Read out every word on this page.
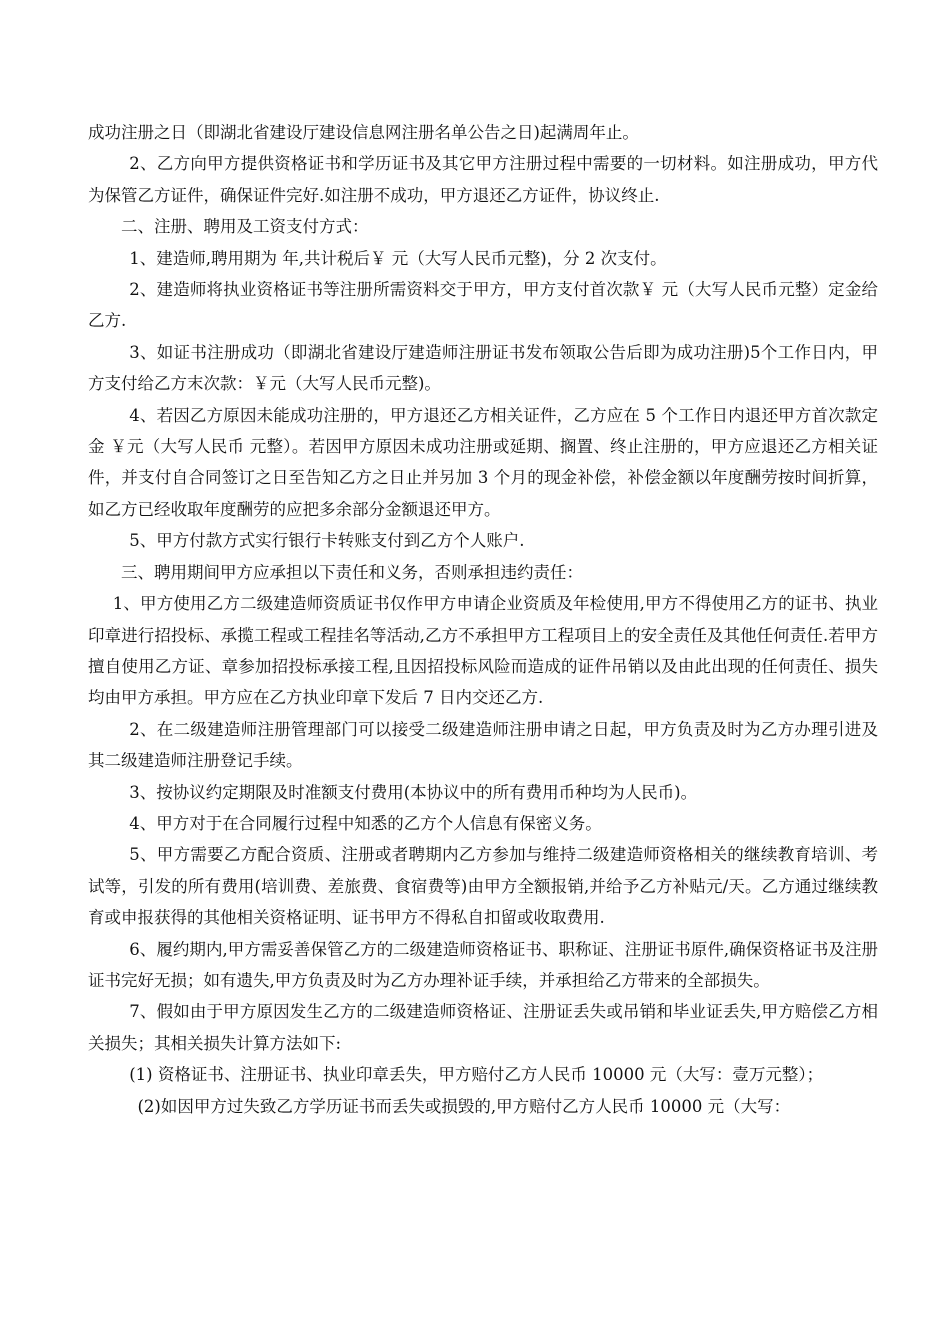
成功注册之日（即湖北省建设厅建设信息网注册名单公告之日)起满周年止。

2、乙方向甲方提供资格证书和学历证书及其它甲方注册过程中需要的一切材料。如注册成功，甲方代为保管乙方证件，确保证件完好.如注册不成功，甲方退还乙方证件，协议终止.

二、注册、聘用及工资支付方式：

1、建造师,聘用期为 年,共计税后￥ 元（大写人民币元整)，分 2 次支付。

2、建造师将执业资格证书等注册所需资料交于甲方，甲方支付首次款￥ 元（大写人民币元整）定金给乙方.

3、如证书注册成功（即湖北省建设厅建造师注册证书发布领取公告后即为成功注册)5个工作日内，甲方支付给乙方末次款：￥元（大写人民币元整)。

4、若因乙方原因未能成功注册的，甲方退还乙方相关证件，乙方应在 5 个工作日内退还甲方首次款定金 ￥元（大写人民币 元整）。若因甲方原因未成功注册或延期、搁置、终止注册的，甲方应退还乙方相关证件，并支付自合同签订之日至告知乙方之日止并另加 3 个月的现金补偿，补偿金额以年度酬劳按时间折算，如乙方已经收取年度酬劳的应把多余部分金额退还甲方。

5、甲方付款方式实行银行卡转账支付到乙方个人账户.

三、聘用期间甲方应承担以下责任和义务，否则承担违约责任：

1、甲方使用乙方二级建造师资质证书仅作甲方申请企业资质及年检使用,甲方不得使用乙方的证书、执业印章进行招投标、承揽工程或工程挂名等活动,乙方不承担甲方工程项目上的安全责任及其他任何责任.若甲方擅自使用乙方证、章参加招投标承接工程,且因招投标风险而造成的证件吊销以及由此出现的任何责任、损失均由甲方承担。甲方应在乙方执业印章下发后 7 日内交还乙方.

2、在二级建造师注册管理部门可以接受二级建造师注册申请之日起，甲方负责及时为乙方办理引进及其二级建造师注册登记手续。

3、按协议约定期限及时准额支付费用(本协议中的所有费用币种均为人民币)。

4、甲方对于在合同履行过程中知悉的乙方个人信息有保密义务。

5、甲方需要乙方配合资质、注册或者聘期内乙方参加与维持二级建造师资格相关的继续教育培训、考试等，引发的所有费用(培训费、差旅费、食宿费等)由甲方全额报销,并给予乙方补贴元/天。乙方通过继续教育或申报获得的其他相关资格证明、证书甲方不得私自扣留或收取费用.

6、履约期内,甲方需妥善保管乙方的二级建造师资格证书、职称证、注册证书原件,确保资格证书及注册证书完好无损；如有遗失,甲方负责及时为乙方办理补证手续，并承担给乙方带来的全部损失。

7、假如由于甲方原因发生乙方的二级建造师资格证、注册证丢失或吊销和毕业证丢失,甲方赔偿乙方相关损失；其相关损失计算方法如下:

(1) 资格证书、注册证书、执业印章丢失，甲方赔付乙方人民币 10000 元（大写：壹万元整）；

(2)如因甲方过失致乙方学历证书而丢失或损毁的,甲方赔付乙方人民币 10000 元（大写：
